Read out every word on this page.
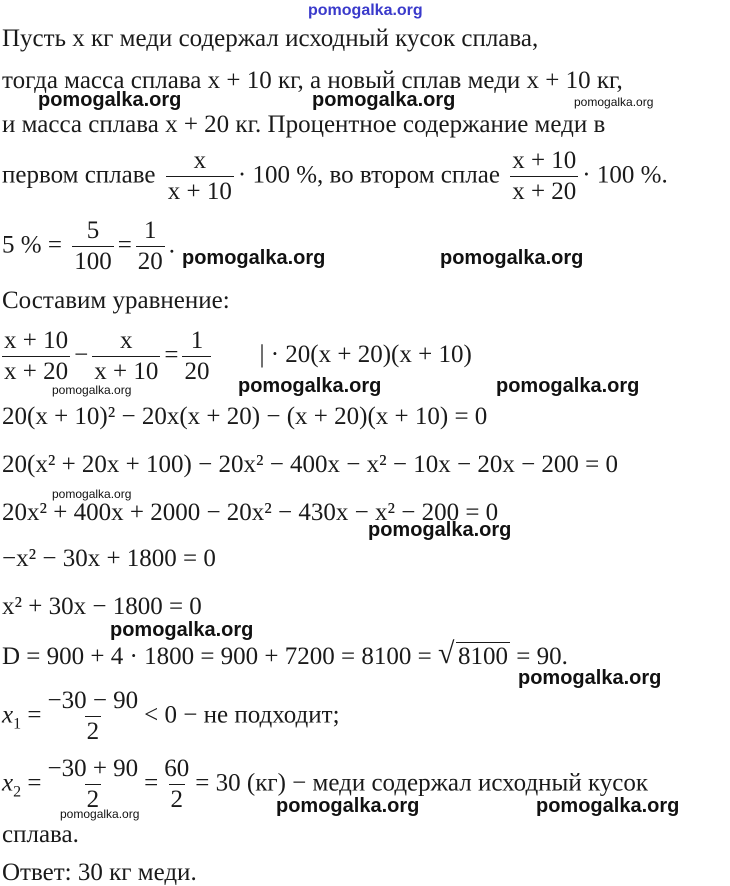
pomogalka.org
pomogalka.org	pomogalka.org	pomogalka.org
pomogalka.org	pomogalka.org
pomogalka.org	pomogalka.org	pomogalka.org
pomogalka.org
pomogalka.org
pomogalka.org
pomogalka.org
pomogalka.org	pomogalka.org	pomogalka.org
Пусть x кг меди содержал исходный кусок сплава,
тогда масса сплава x + 10 кг, а новый сплав меди x + 10 кг,
и масса сплава x + 20 кг. Процентное содержание меди в
первом сплаве $\frac{x}{x + 10} \cdot 100$ %, во втором сплае $\frac{x + 10}{x + 20} \cdot 100$ %.
5 % = $\frac{5}{100} = \frac{1}{20}$ .
Составим уравнение:
$\frac{x + 10}{x + 20} - \frac{x}{x + 10} = \frac{1}{20}$ | · 20(x + 20)(x + 10)
20(x + 10)² − 20x(x + 20) − (x + 20)(x + 10) = 0
20(x² + 20x + 100) − 20x² − 400x − x² − 10x − 20x − 200 = 0
20x² + 400x + 2000 − 20x² − 430x − x² − 200 = 0
−x² − 30x + 1800 = 0
x² + 30x − 1800 = 0
D = 900 + 4 · 1800 = 900 + 7200 = 8100 = √ 8100 = 90.
$x_1 = \frac{-30 - 90}{2} < 0$ − не подходит;
$x_2 = \frac{-30 + 90}{2} = \frac{60}{2} = 30$ (кг) − меди содержал исходный кусок
сплава.
Ответ: 30 кг меди.
